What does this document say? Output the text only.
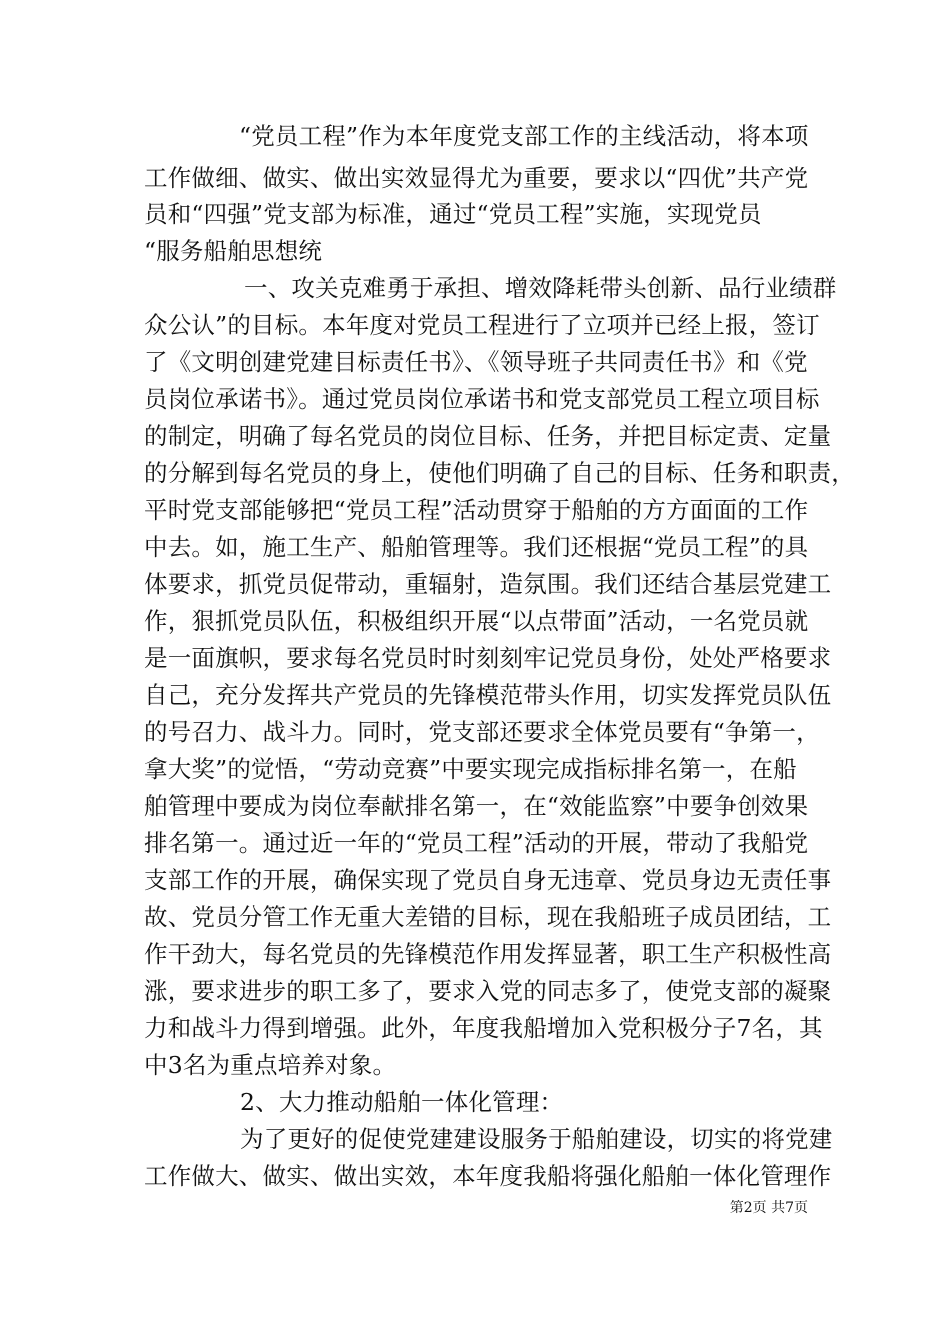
“党员工程”作为本年度党支部工作的主线活动，将本项
工作做细、做实、做出实效显得尤为重要，要求以“四优”共产党
员和“四强”党支部为标准，通过“党员工程”实施，实现党员
“服务船舶思想统
一、攻关克难勇于承担、增效降耗带头创新、品行业绩群
众公认”的目标。本年度对党员工程进行了立项并已经上报，签订
了《文明创建党建目标责任书》、《领导班子共同责任书》和《党
员岗位承诺书》。通过党员岗位承诺书和党支部党员工程立项目标
的制定，明确了每名党员的岗位目标、任务，并把目标定责、定量
的分解到每名党员的身上，使他们明确了自己的目标、任务和职责，
平时党支部能够把“党员工程”活动贯穿于船舶的方方面面的工作
中去。如，施工生产、船舶管理等。我们还根据“党员工程”的具
体要求，抓党员促带动，重辐射，造氛围。我们还结合基层党建工
作，狠抓党员队伍，积极组织开展“以点带面”活动，一名党员就
是一面旗帜，要求每名党员时时刻刻牢记党员身份，处处严格要求
自己，充分发挥共产党员的先锋模范带头作用，切实发挥党员队伍
的号召力、战斗力。同时，党支部还要求全体党员要有“争第一，
拿大奖”的觉悟，“劳动竞赛”中要实现完成指标排名第一，在船
舶管理中要成为岗位奉献排名第一，在“效能监察”中要争创效果
排名第一。通过近一年的“党员工程”活动的开展，带动了我船党
支部工作的开展，确保实现了党员自身无违章、党员身边无责任事
故、党员分管工作无重大差错的目标，现在我船班子成员团结，工
作干劲大，每名党员的先锋模范作用发挥显著，职工生产积极性高
涨，要求进步的职工多了，要求入党的同志多了，使党支部的凝聚
力和战斗力得到增强。此外，年度我船增加入党积极分子7名，其
中3名为重点培养对象。
2、大力推动船舶一体化管理：
为了更好的促使党建建设服务于船舶建设，切实的将党建
工作做大、做实、做出实效，本年度我船将强化船舶一体化管理作
第2页 共7页
